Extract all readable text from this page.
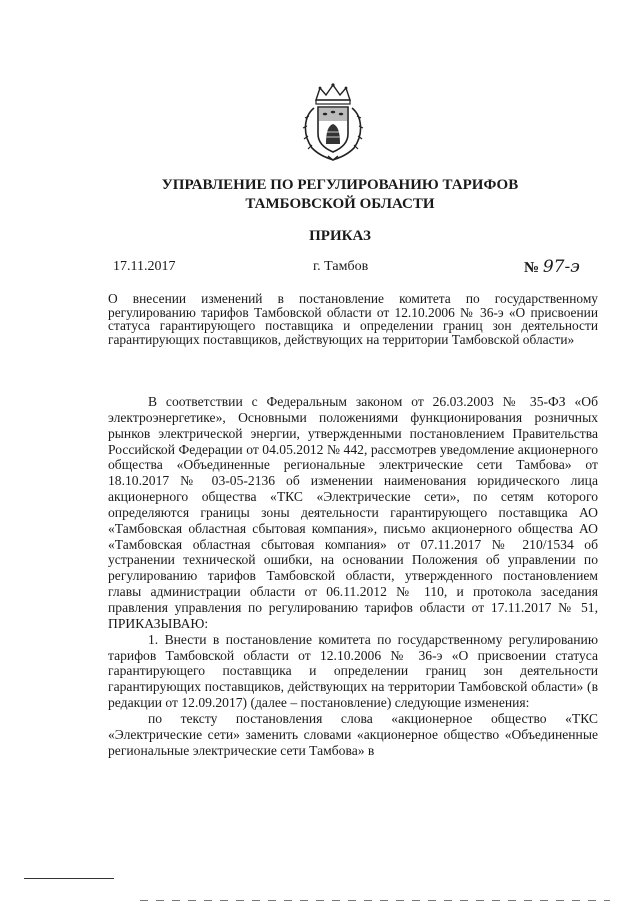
УПРАВЛЕНИЕ ПО РЕГУЛИРОВАНИЮ ТАРИФОВ
ТАМБОВСКОЙ ОБЛАСТИ
ПРИКАЗ
17.11.2017	г. Тамбов	№ 97-э
О внесении изменений в постановление комитета по государственному регулированию тарифов Тамбовской области от 12.10.2006 № 36-э «О присвоении статуса гарантирующего поставщика и определении границ зон деятельности гарантирующих поставщиков, действующих на территории Тамбовской области»

В соответствии с Федеральным законом от 26.03.2003 № 35-ФЗ «Об электроэнергетике», Основными положениями функционирования розничных рынков электрической энергии, утвержденными постановлением Правительства Российской Федерации от 04.05.2012 № 442, рассмотрев уведомление акционерного общества «Объединенные региональные электрические сети Тамбова» от 18.10.2017 № 03-05-2136 об изменении наименования юридического лица акционерного общества «ТКС «Электрические сети», по сетям которого определяются границы зоны деятельности гарантирующего поставщика АО «Тамбовская областная сбытовая компания», письмо акционерного общества АО «Тамбовская областная сбытовая компания» от 07.11.2017 № 210/1534 об устранении технической ошибки, на основании Положения об управлении по регулированию тарифов Тамбовской области, утвержденного постановлением главы администрации области от 06.11.2012 № 110, и протокола заседания правления управления по регулированию тарифов области от 17.11.2017 № 51, ПРИКАЗЫВАЮ:

1. Внести в постановление комитета по государственному регулированию тарифов Тамбовской области от 12.10.2006 № 36-э «О присвоении статуса гарантирующего поставщика и определении границ зон деятельности гарантирующих поставщиков, действующих на территории Тамбовской области» (в редакции от 12.09.2017) (далее – постановление) следующие изменения:

по тексту постановления слова «акционерное общество «ТКС «Электрические сети» заменить словами «акционерное общество «Объединенные региональные электрические сети Тамбова» в
